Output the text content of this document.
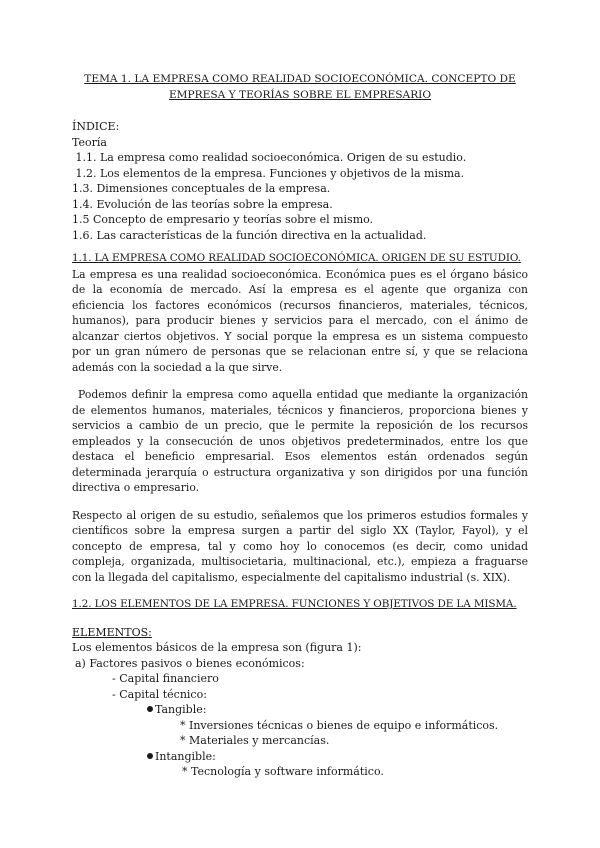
TEMA 1. LA EMPRESA COMO REALIDAD SOCIOECONÓMICA. CONCEPTO DE
EMPRESA Y TEORÍAS SOBRE EL EMPRESARIO
ÍNDICE:
Teoría
1.1. La empresa como realidad socioeconómica. Origen de su estudio.
1.2. Los elementos de la empresa. Funciones y objetivos de la misma.
1.3. Dimensiones conceptuales de la empresa.
1.4. Evolución de las teorías sobre la empresa.
1.5 Concepto de empresario y teorías sobre el mismo.
1.6. Las características de la función directiva en la actualidad.
1.1. LA EMPRESA COMO REALIDAD SOCIOECONÓMICA. ORIGEN DE SU ESTUDIO.
La empresa es una realidad socioeconómica. Económica pues es el órgano básico de la economía de mercado. Así la empresa es el agente que organiza con eficiencia los factores económicos (recursos financieros, materiales, técnicos, humanos), para producir bienes y servicios para el mercado, con el ánimo de alcanzar ciertos objetivos. Y social porque la empresa es un sistema compuesto por un gran número de personas que se relacionan entre sí, y que se relaciona además con la sociedad a la que sirve.
Podemos definir la empresa como aquella entidad que mediante la organización de elementos humanos, materiales, técnicos y financieros, proporciona bienes y servicios a cambio de un precio, que le permite la reposición de los recursos empleados y la consecución de unos objetivos predeterminados, entre los que destaca el beneficio empresarial. Esos elementos están ordenados según determinada jerarquía o estructura organizativa y son dirigidos por una función directiva o empresario.
Respecto al origen de su estudio, señalemos que los primeros estudios formales y científicos sobre la empresa surgen a partir del siglo XX (Taylor, Fayol), y el concepto de empresa, tal y como hoy lo conocemos (es decir, como unidad compleja, organizada, multisocietaria, multinacional, etc.), empieza a fraguarse con la llegada del capitalismo, especialmente del capitalismo industrial (s. XIX).
1.2. LOS ELEMENTOS DE LA EMPRESA. FUNCIONES Y OBJETIVOS DE LA MISMA.
ELEMENTOS:
Los elementos básicos de la empresa son (figura 1):
a) Factores pasivos o bienes económicos:
- Capital financiero
- Capital técnico:
Tangible:
* Inversiones técnicas o bienes de equipo e informáticos.
* Materiales y mercancías.
Intangible:
* Tecnología y software informático.
